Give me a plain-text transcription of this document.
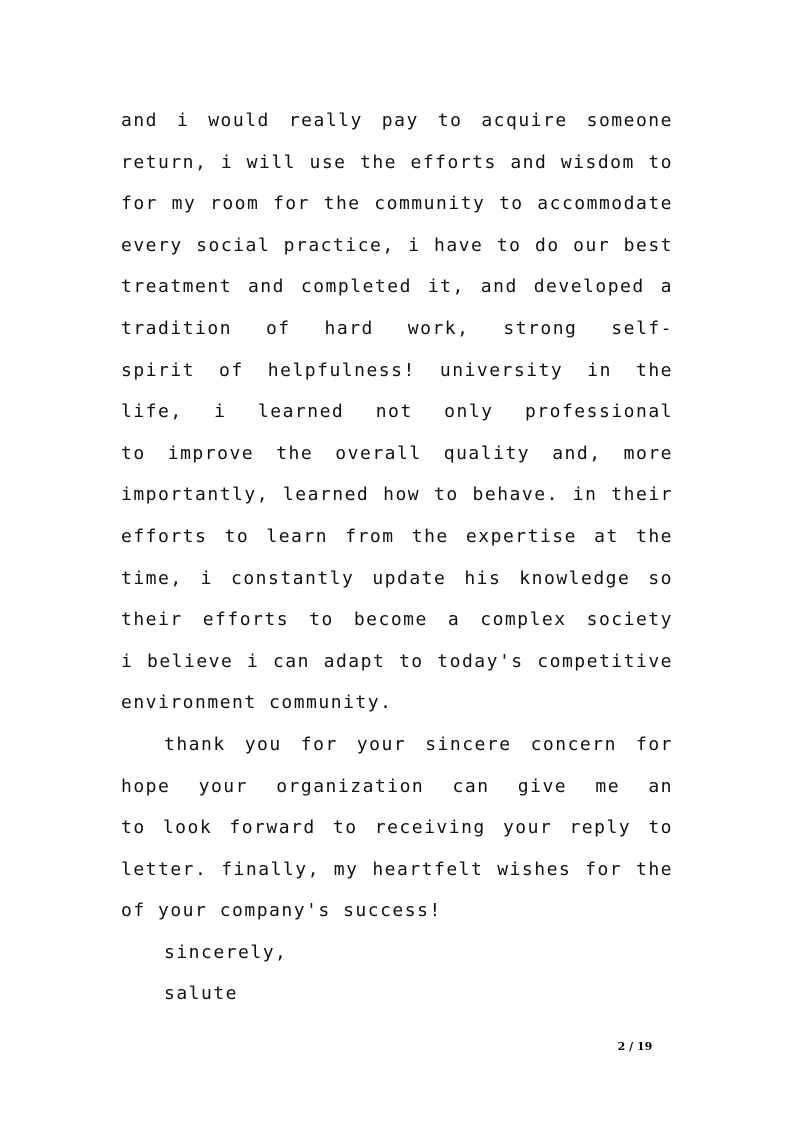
and i would really pay to acquire someone
return, i will use the efforts and wisdom to
for my room for the community to accommodate
every social practice, i have to do our best
treatment and completed it, and developed a
tradition of hard work, strong self-
spirit of helpfulness! university in the
life, i learned not only professional
to improve the overall quality and, more
importantly, learned how to behave. in their
efforts to learn from the expertise at the
time, i constantly update his knowledge so
their efforts to become a complex society
i believe i can adapt to today's competitive
environment community.
thank you for your sincere concern for
hope your organization can give me an
to look forward to receiving your reply to
letter. finally, my heartfelt wishes for the
of your company's success!
sincerely,
salute
2 / 19
